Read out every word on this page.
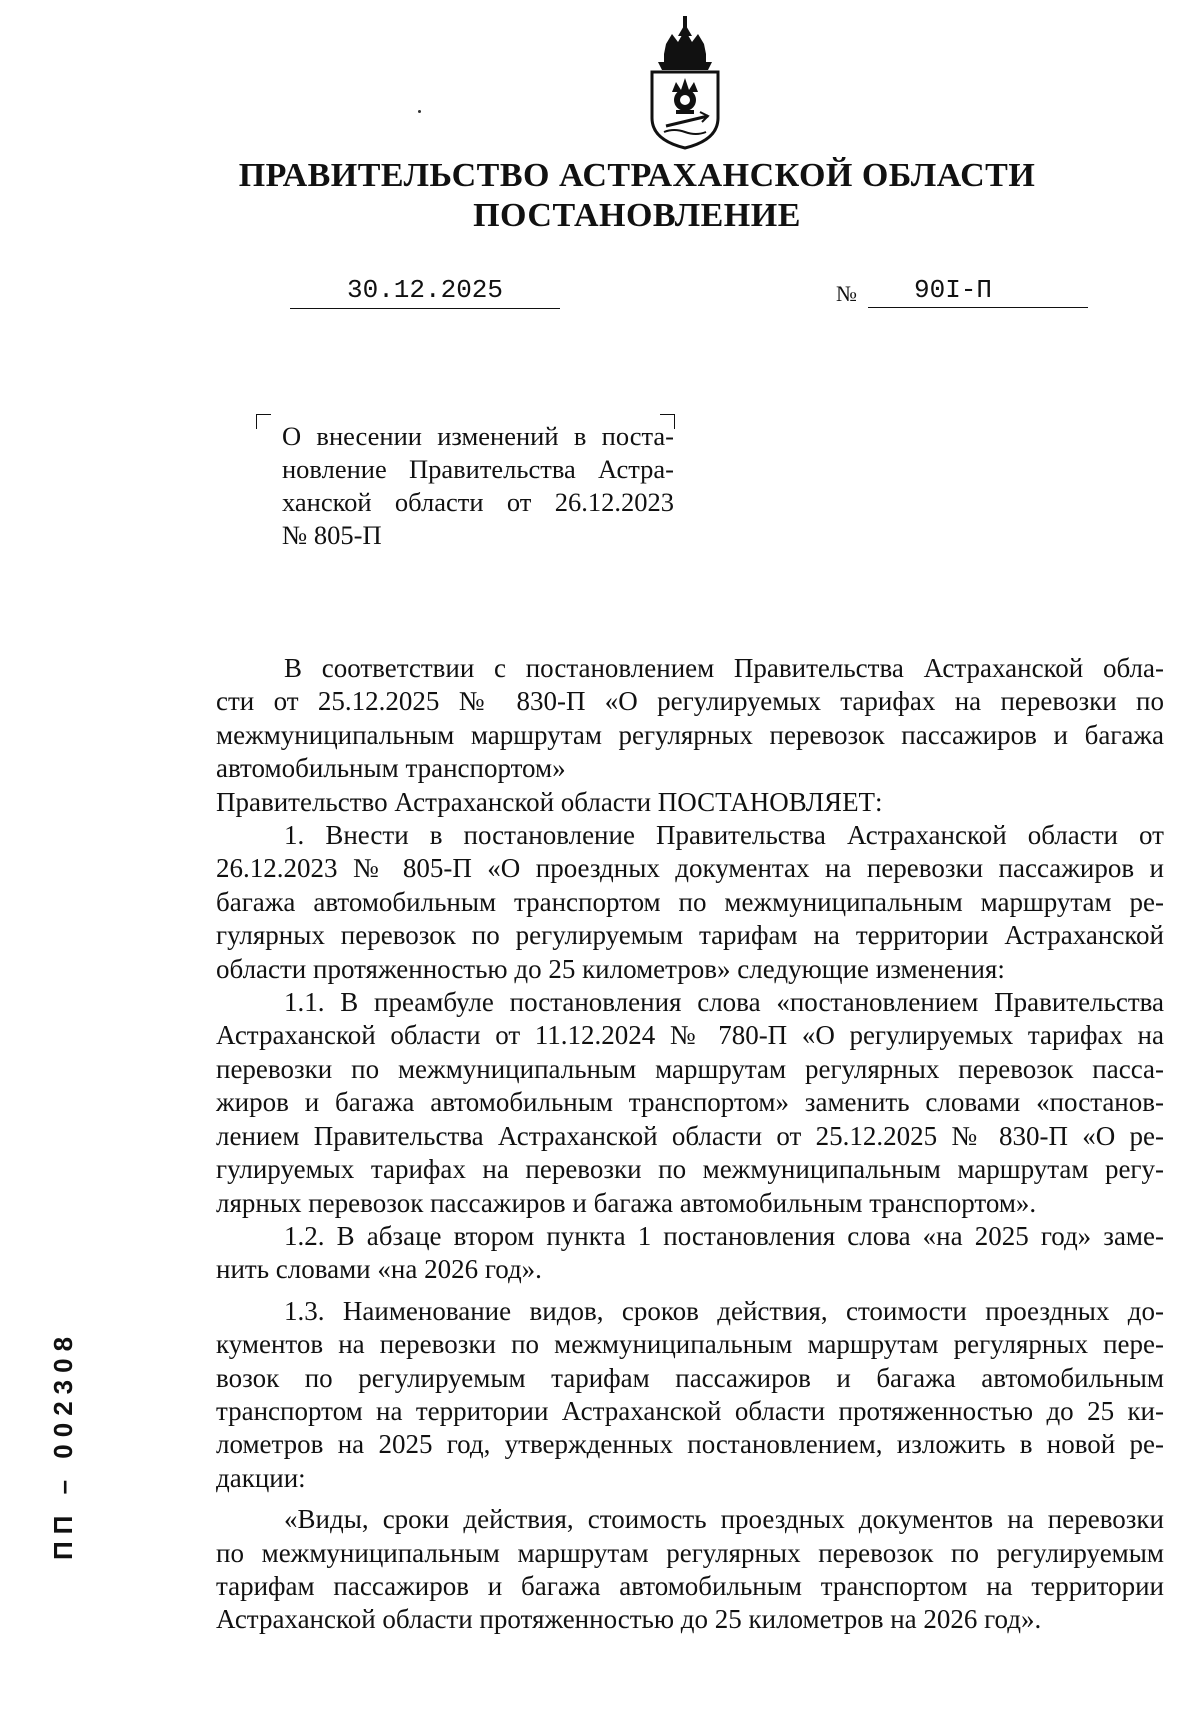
ПРАВИТЕЛЬСТВО АСТРАХАНСКОЙ ОБЛАСТИ
ПОСТАНОВЛЕНИЕ
30.12.2025	№	90I-П
О внесении изменений в поста-
новление Правительства Астра-
ханской области от 26.12.2023
№ 805-П
В соответствии с постановлением Правительства Астраханской обла-
сти от 25.12.2025 № 830-П «О регулируемых тарифах на перевозки по
межмуниципальным маршрутам регулярных перевозок пассажиров и багажа
автомобильным транспортом»
Правительство Астраханской области ПОСТАНОВЛЯЕТ:
1. Внести в постановление Правительства Астраханской области от
26.12.2023 № 805-П «О проездных документах на перевозки пассажиров и
багажа автомобильным транспортом по межмуниципальным маршрутам ре-
гулярных перевозок по регулируемым тарифам на территории Астраханской
области протяженностью до 25 километров» следующие изменения:
1.1. В преамбуле постановления слова «постановлением Правительства
Астраханской области от 11.12.2024 № 780-П «О регулируемых тарифах на
перевозки по межмуниципальным маршрутам регулярных перевозок пасса-
жиров и багажа автомобильным транспортом» заменить словами «постанов-
лением Правительства Астраханской области от 25.12.2025 № 830-П «О ре-
гулируемых тарифах на перевозки по межмуниципальным маршрутам регу-
лярных перевозок пассажиров и багажа автомобильным транспортом».
1.2. В абзаце втором пункта 1 постановления слова «на 2025 год» заме-
нить словами «на 2026 год».
1.3. Наименование видов, сроков действия, стоимости проездных до-
кументов на перевозки по межмуниципальным маршрутам регулярных пере-
возок по регулируемым тарифам пассажиров и багажа автомобильным
транспортом на территории Астраханской области протяженностью до 25 ки-
лометров на 2025 год, утвержденных постановлением, изложить в новой ре-
дакции:
«Виды, сроки действия, стоимость проездных документов на перевозки
по межмуниципальным маршрутам регулярных перевозок по регулируемым
тарифам пассажиров и багажа автомобильным транспортом на территории
Астраханской области протяженностью до 25 километров на 2026 год».
ПП – 002308
